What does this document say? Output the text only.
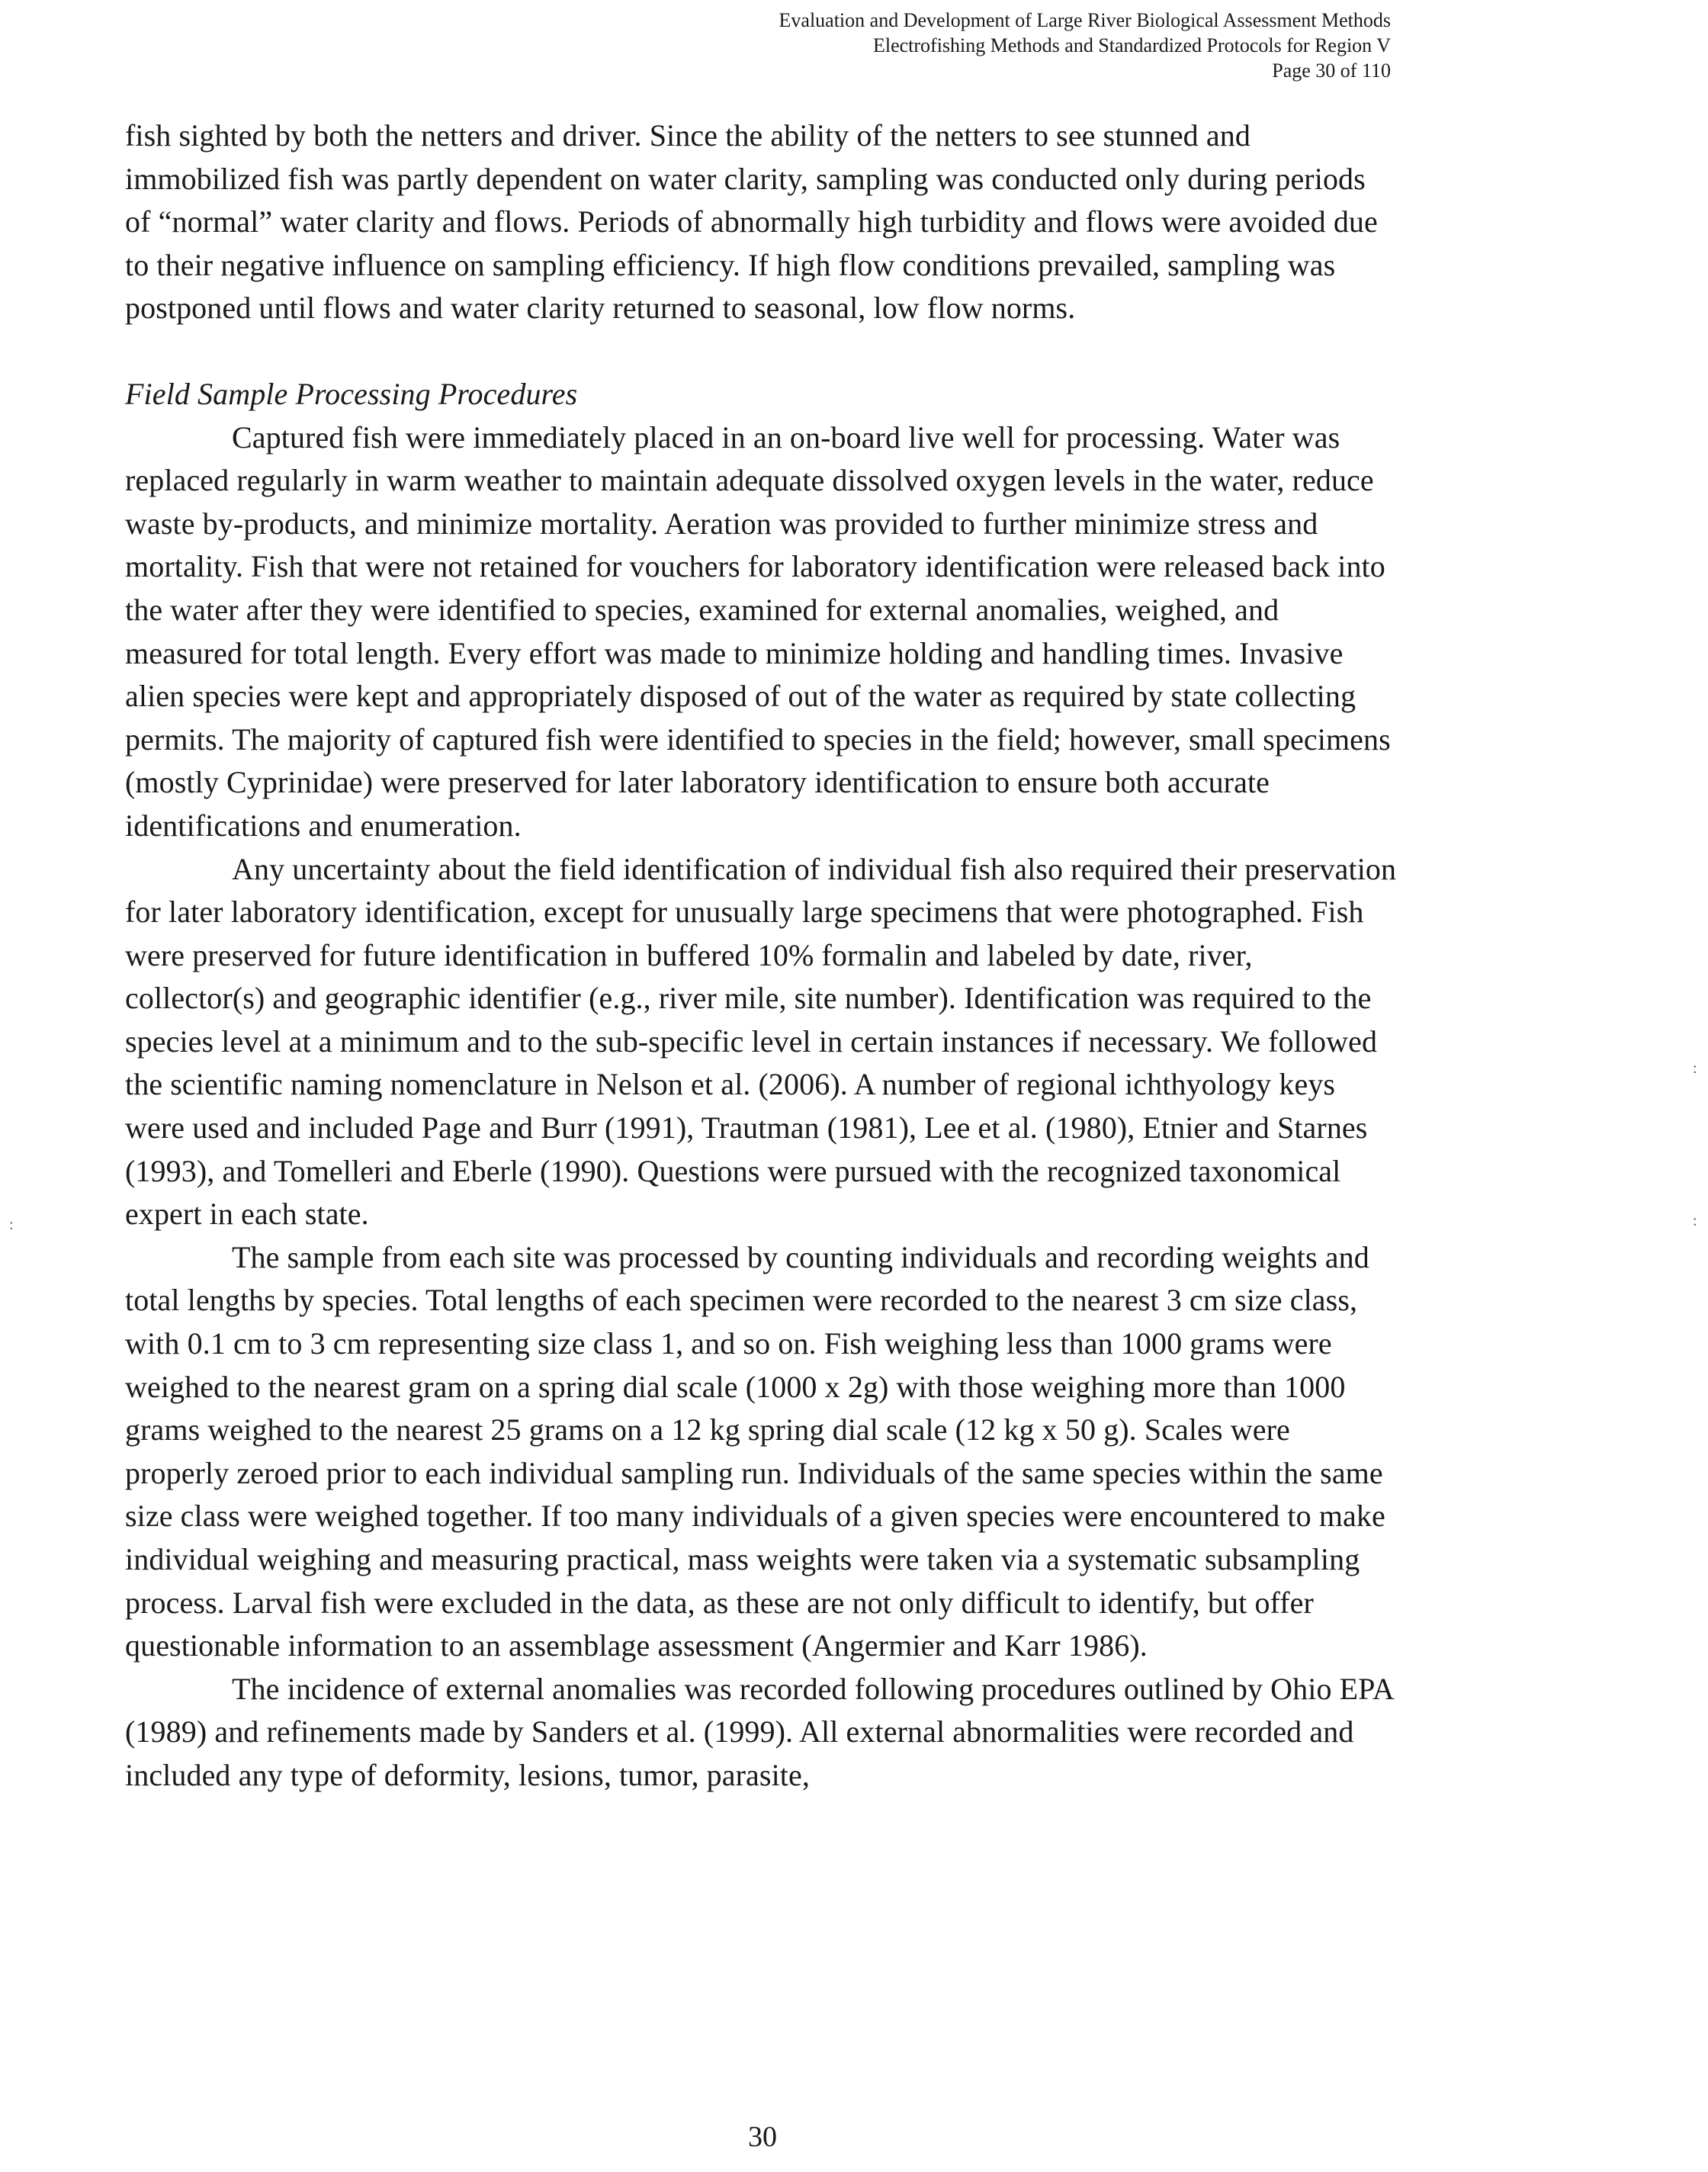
Evaluation and Development of Large River Biological Assessment Methods
Electrofishing Methods and Standardized Protocols for Region V
Page 30 of 110

fish sighted by both the netters and driver. Since the ability of the netters to see stunned and immobilized fish was partly dependent on water clarity, sampling was conducted only during periods of “normal” water clarity and flows. Periods of abnormally high turbidity and flows were avoided due to their negative influence on sampling efficiency. If high flow conditions prevailed, sampling was postponed until flows and water clarity returned to seasonal, low flow norms.

Field Sample Processing Procedures

Captured fish were immediately placed in an on-board live well for processing. Water was replaced regularly in warm weather to maintain adequate dissolved oxygen levels in the water, reduce waste by-products, and minimize mortality. Aeration was provided to further minimize stress and mortality. Fish that were not retained for vouchers for laboratory identification were released back into the water after they were identified to species, examined for external anomalies, weighed, and measured for total length. Every effort was made to minimize holding and handling times. Invasive alien species were kept and appropriately disposed of out of the water as required by state collecting permits. The majority of captured fish were identified to species in the field; however, small specimens (mostly Cyprinidae) were preserved for later laboratory identification to ensure both accurate identifications and enumeration.

Any uncertainty about the field identification of individual fish also required their preservation for later laboratory identification, except for unusually large specimens that were photographed. Fish were preserved for future identification in buffered 10% formalin and labeled by date, river, collector(s) and geographic identifier (e.g., river mile, site number). Identification was required to the species level at a minimum and to the sub-specific level in certain instances if necessary. We followed the scientific naming nomenclature in Nelson et al. (2006). A number of regional ichthyology keys were used and included Page and Burr (1991), Trautman (1981), Lee et al. (1980), Etnier and Starnes (1993), and Tomelleri and Eberle (1990). Questions were pursued with the recognized taxonomical expert in each state.

The sample from each site was processed by counting individuals and recording weights and total lengths by species. Total lengths of each specimen were recorded to the nearest 3 cm size class, with 0.1 cm to 3 cm representing size class 1, and so on. Fish weighing less than 1000 grams were weighed to the nearest gram on a spring dial scale (1000 x 2g) with those weighing more than 1000 grams weighed to the nearest 25 grams on a 12 kg spring dial scale (12 kg x 50 g). Scales were properly zeroed prior to each individual sampling run. Individuals of the same species within the same size class were weighed together. If too many individuals of a given species were encountered to make individual weighing and measuring practical, mass weights were taken via a systematic subsampling process. Larval fish were excluded in the data, as these are not only difficult to identify, but offer questionable information to an assemblage assessment (Angermier and Karr 1986).

The incidence of external anomalies was recorded following procedures outlined by Ohio EPA (1989) and refinements made by Sanders et al. (1999). All external abnormalities were recorded and included any type of deformity, lesions, tumor, parasite,

:
:
:
30
